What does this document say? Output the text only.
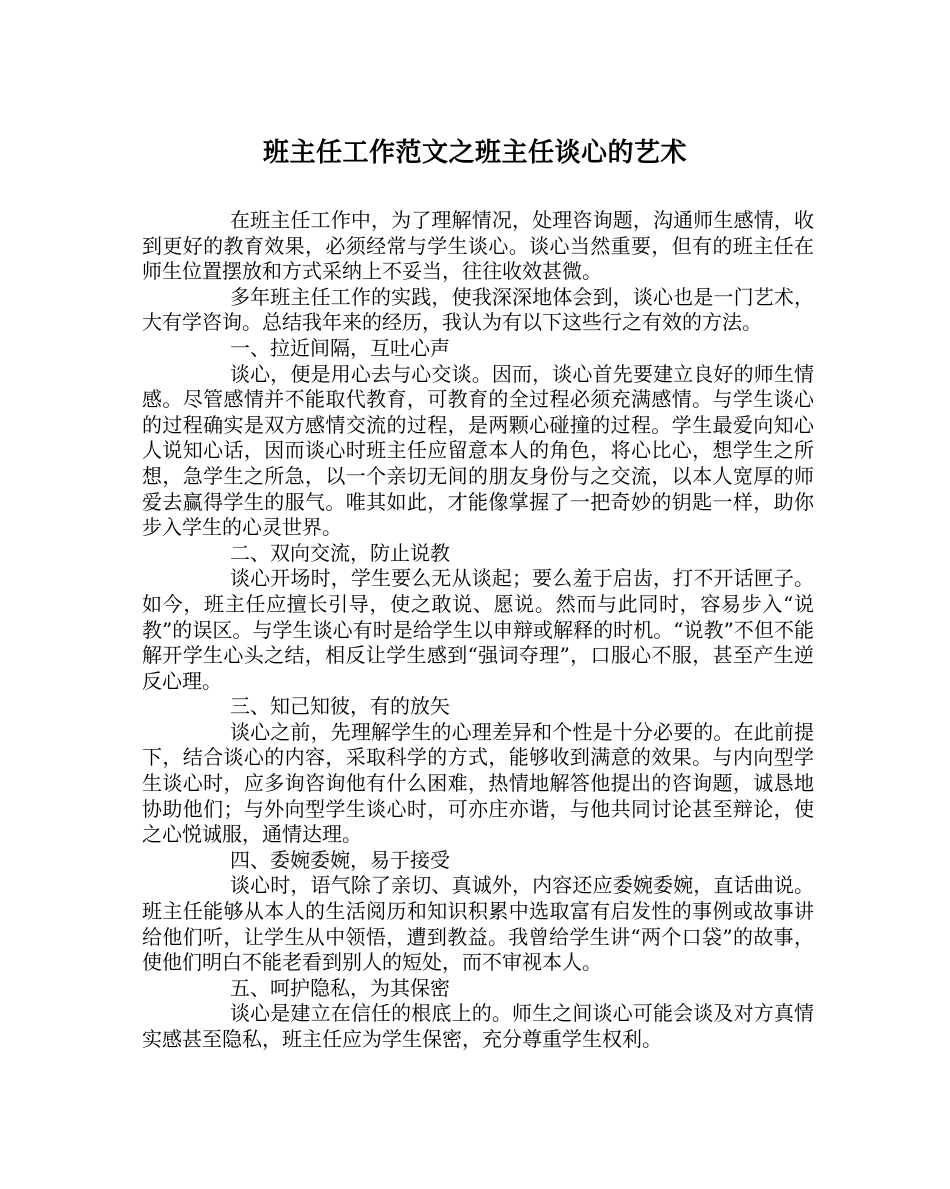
班主任工作范文之班主任谈心的艺术

在班主任工作中，为了理解情况，处理咨询题，沟通师生感情，收到更好的教育效果，必须经常与学生谈心。谈心当然重要，但有的班主任在师生位置摆放和方式采纳上不妥当，往往收效甚微。

多年班主任工作的实践，使我深深地体会到，谈心也是一门艺术，大有学咨询。总结我年来的经历，我认为有以下这些行之有效的方法。

一、拉近间隔，互吐心声

谈心，便是用心去与心交谈。因而，谈心首先要建立良好的师生情感。尽管感情并不能取代教育，可教育的全过程必须充满感情。与学生谈心的过程确实是双方感情交流的过程，是两颗心碰撞的过程。学生最爱向知心人说知心话，因而谈心时班主任应留意本人的角色，将心比心，想学生之所想，急学生之所急，以一个亲切无间的朋友身份与之交流，以本人宽厚的师爱去赢得学生的服气。唯其如此，才能像掌握了一把奇妙的钥匙一样，助你步入学生的心灵世界。

二、双向交流，防止说教

谈心开场时，学生要么无从谈起；要么羞于启齿，打不开话匣子。如今，班主任应擅长引导，使之敢说、愿说。然而与此同时，容易步入“说教”的误区。与学生谈心有时是给学生以申辩或解释的时机。“说教”不但不能解开学生心头之结，相反让学生感到“强词夺理”，口服心不服，甚至产生逆反心理。

三、知己知彼，有的放矢

谈心之前，先理解学生的心理差异和个性是十分必要的。在此前提下，结合谈心的内容，采取科学的方式，能够收到满意的效果。与内向型学生谈心时，应多询咨询他有什么困难，热情地解答他提出的咨询题，诚恳地协助他们；与外向型学生谈心时，可亦庄亦谐，与他共同讨论甚至辩论，使之心悦诚服，通情达理。

四、委婉委婉，易于接受

谈心时，语气除了亲切、真诚外，内容还应委婉委婉，直话曲说。班主任能够从本人的生活阅历和知识积累中选取富有启发性的事例或故事讲给他们听，让学生从中领悟，遭到教益。我曾给学生讲“两个口袋”的故事，使他们明白不能老看到别人的短处，而不审视本人。

五、呵护隐私，为其保密

谈心是建立在信任的根底上的。师生之间谈心可能会谈及对方真情实感甚至隐私，班主任应为学生保密，充分尊重学生权利。
